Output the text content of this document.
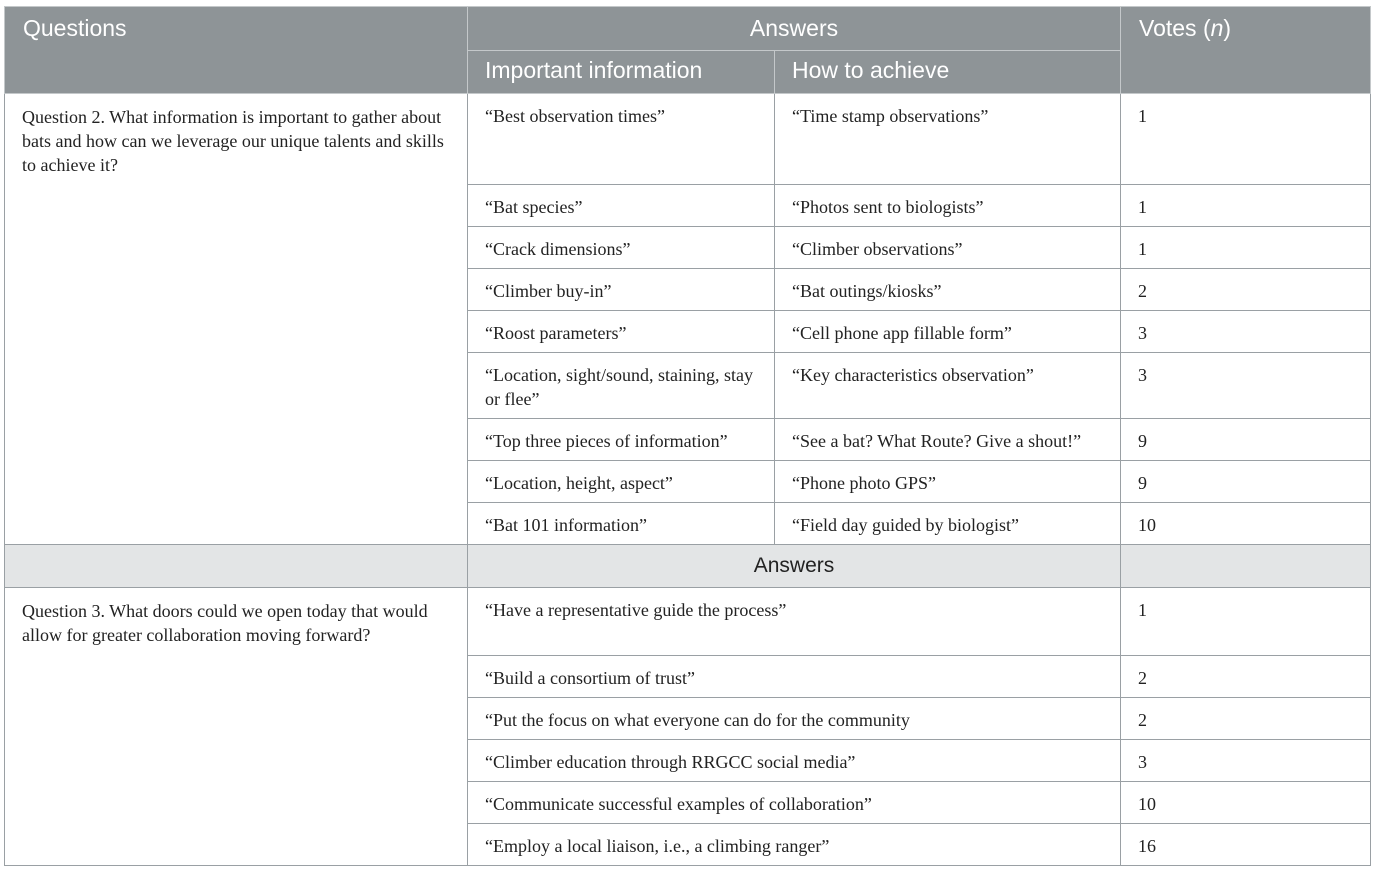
Questions	Answers		Votes (n)
	Important information	How to achieve	
Question 2. What information is important to gather about bats and how can we leverage our unique talents and skills to achieve it?	“Best observation times”	“Time stamp observations”	1
	“Bat species”	“Photos sent to biologists”	1
	“Crack dimensions”	“Climber observations”	1
	“Climber buy-in”	“Bat outings/kiosks”	2
	“Roost parameters”	“Cell phone app fillable form”	3
	“Location, sight/sound, staining, stay or flee”	“Key characteristics observation”	3
	“Top three pieces of information”	“See a bat? What Route? Give a shout!”	9
	“Location, height, aspect”	“Phone photo GPS”	9
	“Bat 101 information”	“Field day guided by biologist”	10
	Answers		
Question 3. What doors could we open today that would allow for greater collaboration moving forward?	“Have a representative guide the process”		1
	“Build a consortium of trust”		2
	“Put the focus on what everyone can do for the community		2
	“Climber education through RRGCC social media”		3
	“Communicate successful examples of collaboration”		10
	“Employ a local liaison, i.e., a climbing ranger”		16
